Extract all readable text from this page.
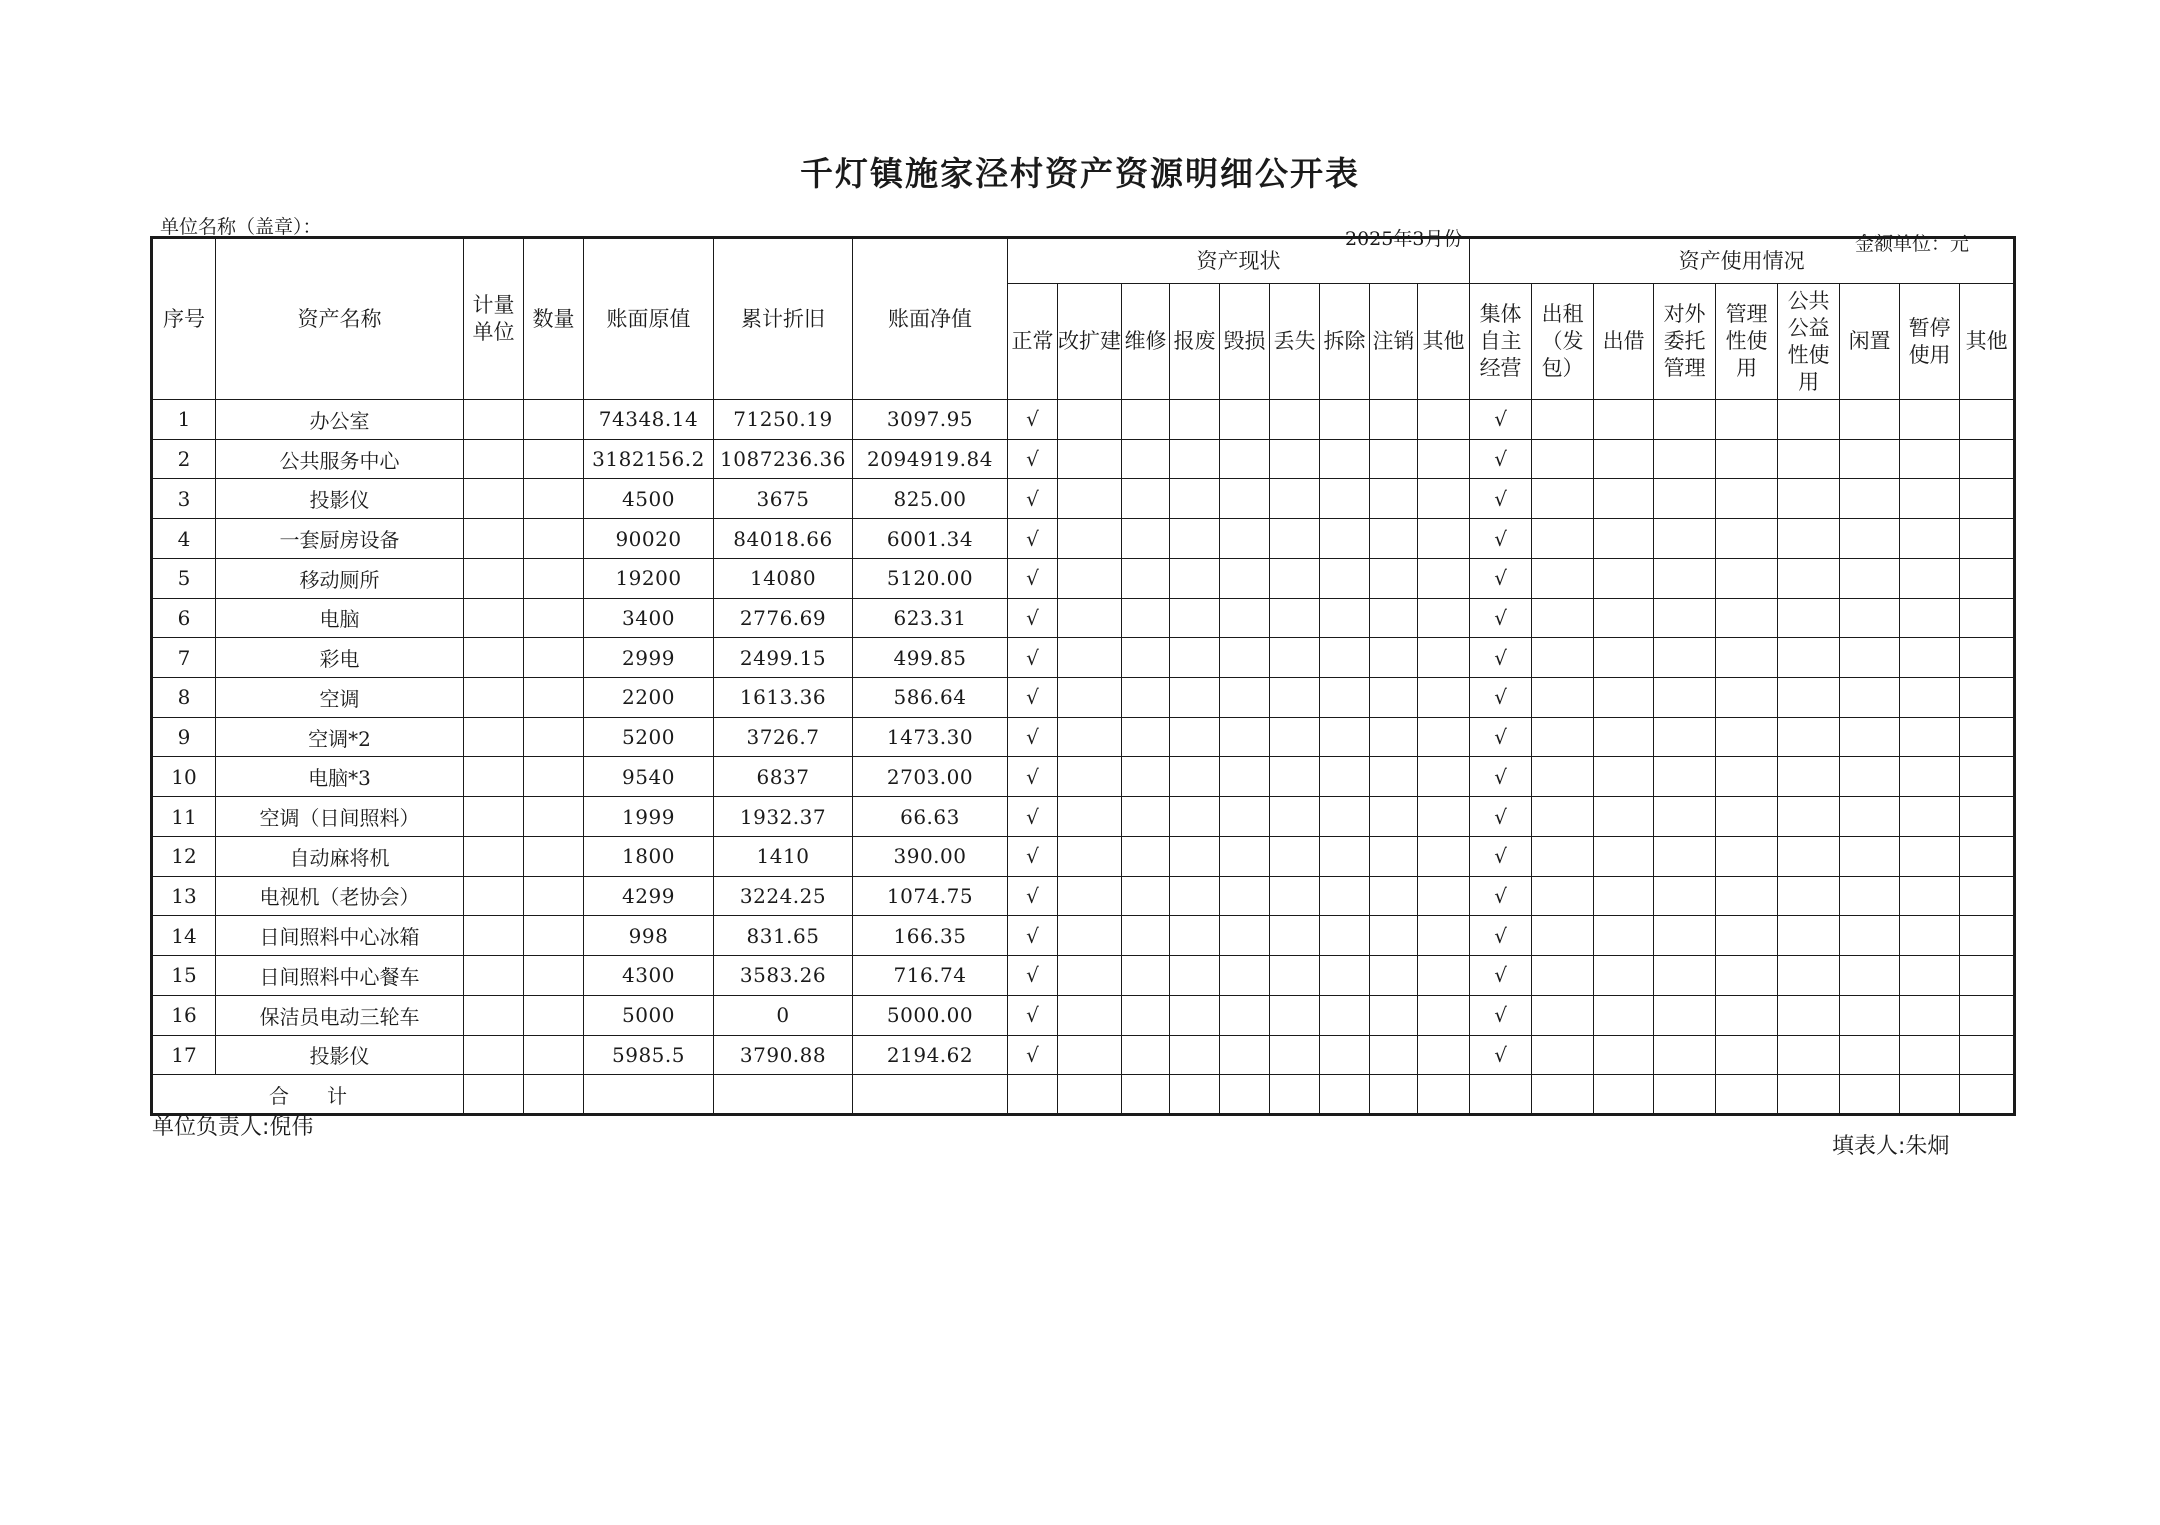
千灯镇施家泾村资产资源明细公开表
单位名称（盖章）：
2025年3月份	金额单位：元
序号	资产名称	计量单位	数量	账面原值	累计折旧	账面净值	资产现状									资产使用情况								
							正常	改扩建	维修	报废	毁损	丢失	拆除	注销	其他	集体自主经营	出租（发包）	出借	对外委托管理	管理性使用	公共公益性使用	闲置	暂停使用	其他
1	办公室			74348.14	71250.19	3097.95	√									√								
2	公共服务中心			3182156.2	1087236.36	2094919.84	√									√								
3	投影仪			4500	3675	825.00	√									√								
4	一套厨房设备			90020	84018.66	6001.34	√									√								
5	移动厕所			19200	14080	5120.00	√									√								
6	电脑			3400	2776.69	623.31	√									√								
7	彩电			2999	2499.15	499.85	√									√								
8	空调			2200	1613.36	586.64	√									√								
9	空调*2			5200	3726.7	1473.30	√									√								
10	电脑*3			9540	6837	2703.00	√									√								
11	空调（日间照料）			1999	1932.37	66.63	√									√								
12	自动麻将机			1800	1410	390.00	√									√								
13	电视机（老协会）			4299	3224.25	1074.75	√									√								
14	日间照料中心冰箱			998	831.65	166.35	√									√								
15	日间照料中心餐车			4300	3583.26	716.74	√									√								
16	保洁员电动三轮车			5000	0	5000.00	√									√								
17	投影仪			5985.5	3790.88	2194.62	√									√								
合计																								
单位负责人:倪伟
填表人:朱炯
